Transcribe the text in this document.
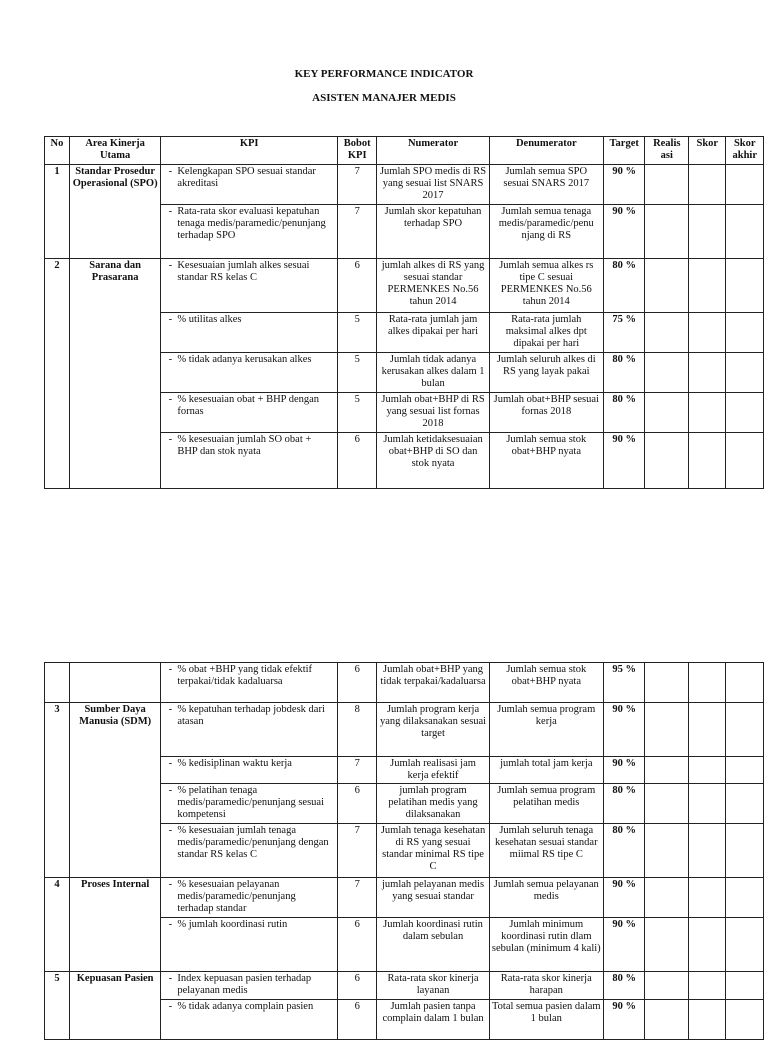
KEY PERFORMANCE INDICATOR
ASISTEN MANAJER MEDIS
No	Area Kinerja Utama	KPI	Bobot KPI	Numerator	Denumerator	Target	Realis asi	Skor	Skor akhir
1	Standar Prosedur Operasional (SPO)	- Kelengkapan SPO sesuai standar akreditasi	7	Jumlah SPO medis di RS yang sesuai list SNARS 2017	Jumlah semua SPO sesuai SNARS 2017	90 %			
		- Rata-rata skor evaluasi kepatuhan tenaga medis/paramedic/penunjang terhadap SPO	7	Jumlah skor kepatuhan terhadap SPO	Jumlah semua tenaga medis/paramedic/penu njang di RS	90 %			
2	Sarana dan Prasarana	- Kesesuaian jumlah alkes sesuai standar RS kelas C	6	jumlah alkes di RS yang sesuai standar PERMENKES No.56 tahun 2014	Jumlah semua alkes rs tipe C sesuai PERMENKES No.56 tahun 2014	80 %			
		- % utilitas alkes	5	Rata-rata jumlah jam alkes dipakai per hari	Rata-rata jumlah maksimal alkes dpt dipakai per hari	75 %			
		- % tidak adanya kerusakan alkes	5	Jumlah tidak adanya kerusakan alkes dalam 1 bulan	Jumlah seluruh alkes di RS yang layak pakai	80 %			
		- % kesesuaian obat + BHP dengan fornas	5	Jumlah obat+BHP di RS yang sesuai list fornas 2018	Jumlah obat+BHP sesuai fornas 2018	80 %			
		- % kesesuaian jumlah SO obat + BHP dan stok nyata	6	Jumlah ketidaksesuaian obat+BHP di SO dan stok nyata	Jumlah semua stok obat+BHP nyata	90 %			
		- % obat +BHP yang tidak efektif terpakai/tidak kadaluarsa	6	Jumlah obat+BHP yang tidak terpakai/kadaluarsa	Jumlah semua stok obat+BHP nyata	95 %			
3	Sumber Daya Manusia (SDM)	- % kepatuhan terhadap jobdesk dari atasan	8	Jumlah program kerja yang dilaksanakan sesuai target	Jumlah semua program kerja	90 %			
		- % kedisiplinan waktu kerja	7	Jumlah realisasi jam kerja efektif	jumlah total jam kerja	90 %			
		- % pelatihan tenaga medis/paramedic/penunjang sesuai kompetensi	6	jumlah program pelatihan medis yang dilaksanakan	Jumlah semua program pelatihan medis	80 %			
		- % kesesuaian jumlah tenaga medis/paramedic/penunjang dengan standar RS kelas C	7	Jumlah tenaga kesehatan di RS yang sesuai standar minimal RS tipe C	Jumlah seluruh tenaga kesehatan sesuai standar miimal RS tipe C	80 %			
4	Proses Internal	- % kesesuaian pelayanan medis/paramedic/penunjang terhadap standar	7	jumlah pelayanan medis yang sesuai standar	Jumlah semua pelayanan medis	90 %			
		- % jumlah koordinasi rutin	6	Jumlah koordinasi rutin dalam sebulan	Jumlah minimum koordinasi rutin dlam sebulan (minimum 4 kali)	90 %			
5	Kepuasan Pasien	- Index kepuasan pasien terhadap pelayanan medis	6	Rata-rata skor kinerja layanan	Rata-rata skor kinerja harapan	80 %			
		- % tidak adanya complain pasien	6	Jumlah pasien tanpa complain dalam 1 bulan	Total semua pasien dalam 1 bulan	90 %			
